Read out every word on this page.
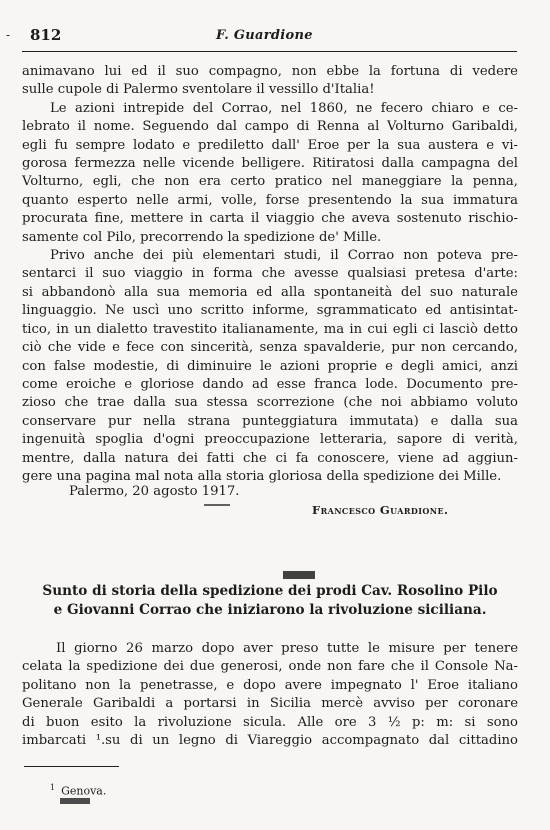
- 812	F. Guardione

animavano lui ed il suo compagno, non ebbe la fortuna di vedere
sulle cupole di Palermo sventolare il vessillo d'Italia!

Le azioni intrepide del Corrao, nel 1860, ne fecero chiaro e ce-
lebrato il nome. Seguendo dal campo di Renna al Volturno Garibaldi,
egli fu sempre lodato e prediletto dall' Eroe per la sua austera e vi-
gorosa fermezza nelle vicende belligere. Ritiratosi dalla campagna del
Volturno, egli, che non era certo pratico nel maneggiare la penna,
quanto esperto nelle armi, volle, forse presentendo la sua immatura
procurata fine, mettere in carta il viaggio che aveva sostenuto rischio-
samente col Pilo, precorrendo la spedizione de' Mille.

Privo anche dei più elementari studi, il Corrao non poteva pre-
sentarci il suo viaggio in forma che avesse qualsiasi pretesa d'arte:
si abbandonò alla sua memoria ed alla spontaneità del suo naturale
linguaggio. Ne uscì uno scritto informe, sgrammaticato ed antisintat-
tico, in un dialetto travestito italianamente, ma in cui egli ci lasciò detto
ciò che vide e fece con sincerità, senza spavalderie, pur non cercando,
con false modestie, di diminuire le azioni proprie e degli amici, anzi
come eroiche e gloriose dando ad esse franca lode. Documento pre-
zioso che trae dalla sua stessa scorrezione (che noi abbiamo voluto
conservare pur nella strana punteggiatura immutata) e dalla sua
ingenuità spoglia d'ogni preoccupazione letteraria, sapore di verità,
mentre, dalla natura dei fatti che ci fa conoscere, viene ad aggiun-
gere una pagina mal nota alla storia gloriosa della spedizione dei Mille.

Palermo, 20 agosto 1917.
Francesco Guardione.
Sunto di storia della spedizione dei prodi Cav. Rosolino Pilo
e Giovanni Corrao che iniziarono la rivoluzione siciliana.
Il giorno 26 marzo dopo aver preso tutte le misure per tenere
celata la spedizione dei due generosi, onde non fare che il Console Na-
politano non la penetrasse, e dopo avere impegnato l' Eroe italiano
Generale Garibaldi a portarsi in Sicilia mercè avviso per coronare
di buon esito la rivoluzione sicula. Alle ore 3 ½ p: m: si sono
imbarcati ¹.su di un legno di Viareggio accompagnato dal cittadino
$^1$ Genova.
